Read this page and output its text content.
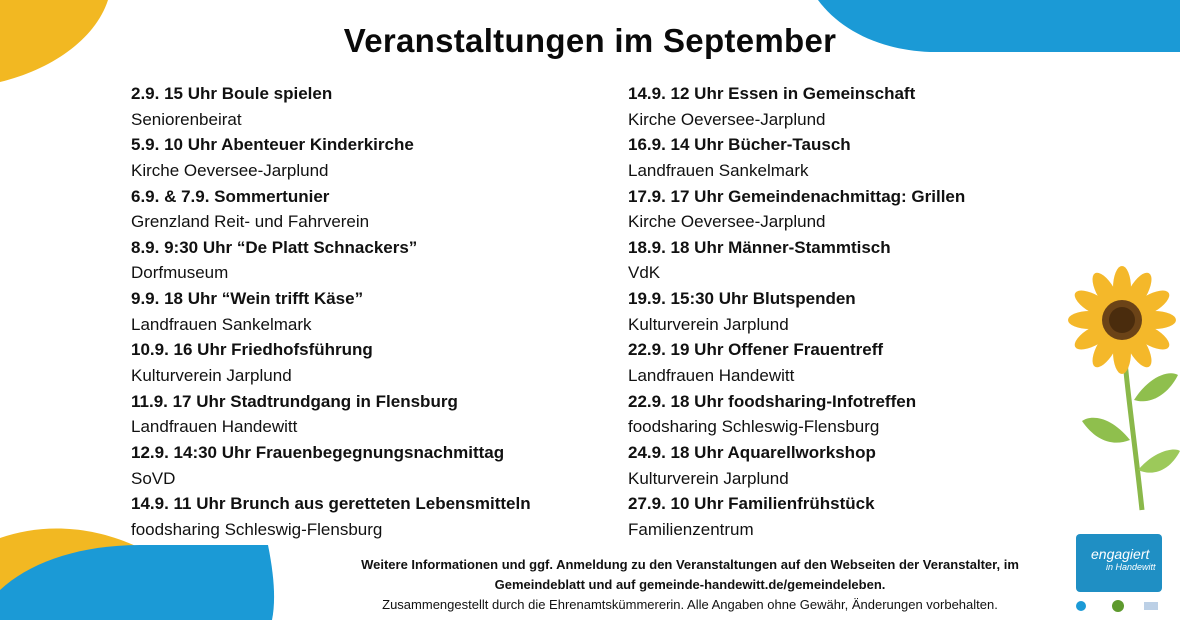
Veranstaltungen im September
2.9. 15 Uhr Boule spielen
Seniorenbeirat
5.9. 10 Uhr Abenteuer Kinderkirche
Kirche Oeversee-Jarplund
6.9. & 7.9. Sommertunier
Grenzland Reit- und Fahrverein
8.9. 9:30 Uhr “De Platt Schnackers”
Dorfmuseum
9.9. 18 Uhr “Wein trifft Käse”
Landfrauen Sankelmark
10.9. 16 Uhr Friedhofsführung
Kulturverein Jarplund
11.9. 17 Uhr Stadtrundgang in Flensburg
Landfrauen Handewitt
12.9. 14:30 Uhr Frauenbegegnungsnachmittag
SoVD
14.9. 11 Uhr Brunch aus geretteten Lebensmitteln
foodsharing Schleswig-Flensburg
14.9. 12 Uhr Essen in Gemeinschaft
Kirche Oeversee-Jarplund
16.9. 14 Uhr Bücher-Tausch
Landfrauen Sankelmark
17.9. 17 Uhr Gemeindenachmittag: Grillen
Kirche Oeversee-Jarplund
18.9. 18 Uhr Männer-Stammtisch
VdK
19.9. 15:30 Uhr Blutspenden
Kulturverein Jarplund
22.9. 19 Uhr Offener Frauentreff
Landfrauen Handewitt
22.9. 18 Uhr foodsharing-Infotreffen
foodsharing Schleswig-Flensburg
24.9. 18 Uhr Aquarellworkshop
Kulturverein Jarplund
27.9. 10 Uhr Familienfrühstück
Familienzentrum
Weitere Informationen und ggf. Anmeldung zu den Veranstaltungen auf den Webseiten der Veranstalter, im
Gemeindeblatt und auf gemeinde-handewitt.de/gemeindeleben.
Zusammengestellt durch die Ehrenamtskümmererin. Alle Angaben ohne Gewähr, Änderungen vorbehalten.
engagiert
in Handewitt
